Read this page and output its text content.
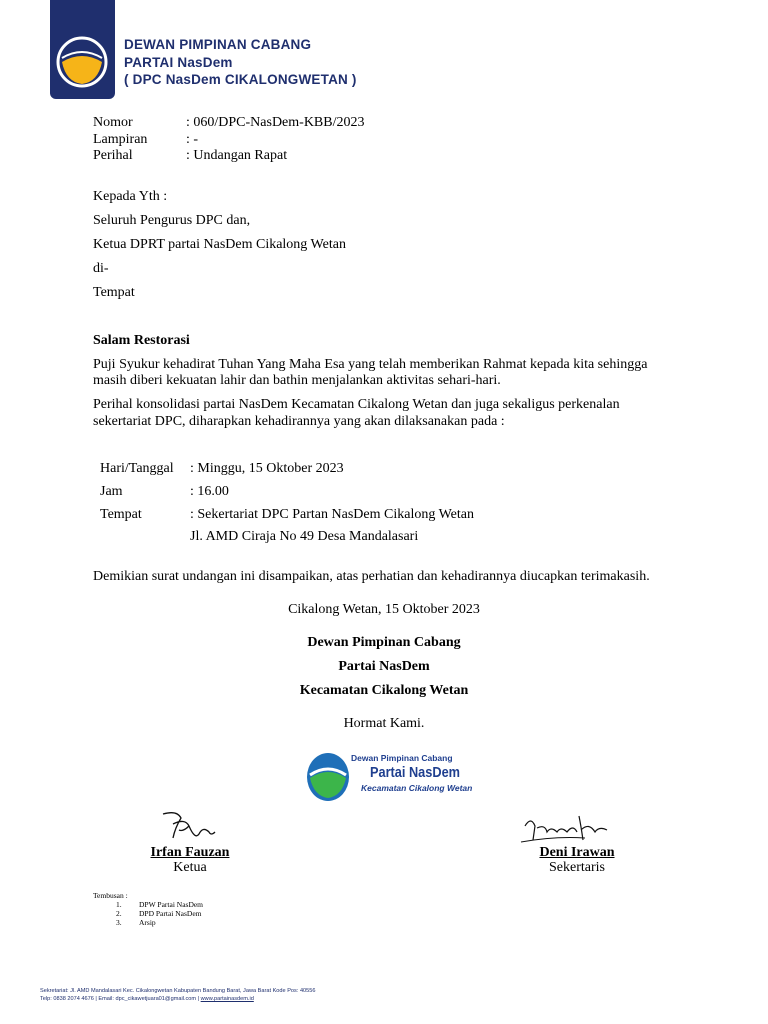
DEWAN PIMPINAN CABANG
PARTAI NasDem
( DPC NasDem CIKALONGWETAN )
Nomor	: 060/DPC-NasDem-KBB/2023
Lampiran	: -
Perihal	: Undangan Rapat
Kepada Yth :
Seluruh Pengurus DPC dan,
Ketua DPRT partai NasDem Cikalong Wetan
di-
Tempat
Salam Restorasi
Puji Syukur kehadirat Tuhan Yang Maha Esa yang telah memberikan Rahmat kepada kita sehingga
masih diberi kekuatan lahir dan bathin menjalankan aktivitas sehari-hari.
Perihal konsolidasi partai NasDem Kecamatan Cikalong Wetan dan juga sekaligus perkenalan
sekertariat DPC, diharapkan kehadirannya yang akan dilaksanakan pada :
Hari/Tanggal : Minggu, 15 Oktober 2023
Jam	: 16.00
Tempat	: Sekertariat DPC Partan NasDem Cikalong Wetan
Jl. AMD Ciraja No 49 Desa Mandalasari
Demikian surat undangan ini disampaikan, atas perhatian dan kehadirannya diucapkan terimakasih.
Cikalong Wetan, 15 Oktober 2023
Dewan Pimpinan Cabang
Partai NasDem
Kecamatan Cikalong Wetan
Hormat Kami.
Dewan Pimpinan Cabang
Partai NasDem
Kecamatan Cikalong Wetan
Irfan Fauzan
Ketua
Deni Irawan
Sekertaris
Tembusan :
1. DPW Partai NasDem
2. DPD Partai NasDem
3. Arsip
Sekretariat: Jl. AMD Mandalasari Kec. Cikalongwetan Kabupaten Bandung Barat, Jawa Barat Kode Pos: 40556
Telp: 0838 2074 4676 | Email: dpc_cikawetjuara01@gmail.com | www.partainasdem.id
